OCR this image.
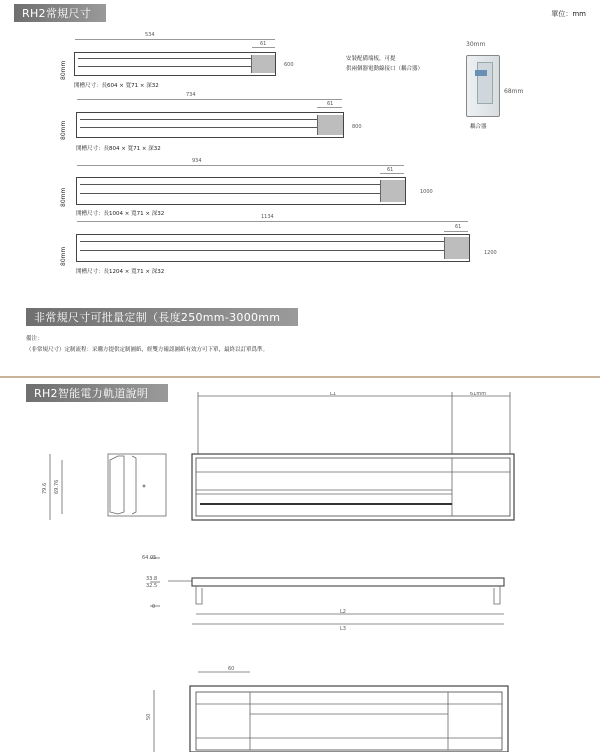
RH2常規尺寸	單位：mm
534
61
80mm	600
開槽尺寸：長604 × 寬71 × 深32
安裝配備端板，可提
供兩個器電動線接口（耦合器）
30mm
68mm
耦合器
734
61
80mm	800
開槽尺寸：長804 × 寬71 × 深32
934
61
80mm	1000
開槽尺寸：長1004 × 寬71 × 深32	1134
61
80mm	1200
開槽尺寸：長1204 × 寬71 × 深32
非常規尺寸可批量定制（長度250mm-3000mm
備注：
（非常規尺寸）定制流程：采購方提供定制圖紙，經雙方確認圖紙有效方可下單，最終以訂單爲準。
RH2智能電力軌道說明	L1	61mm
79.6 69.76
64.05
33.8
32.5
0
L2
L3
60
50
